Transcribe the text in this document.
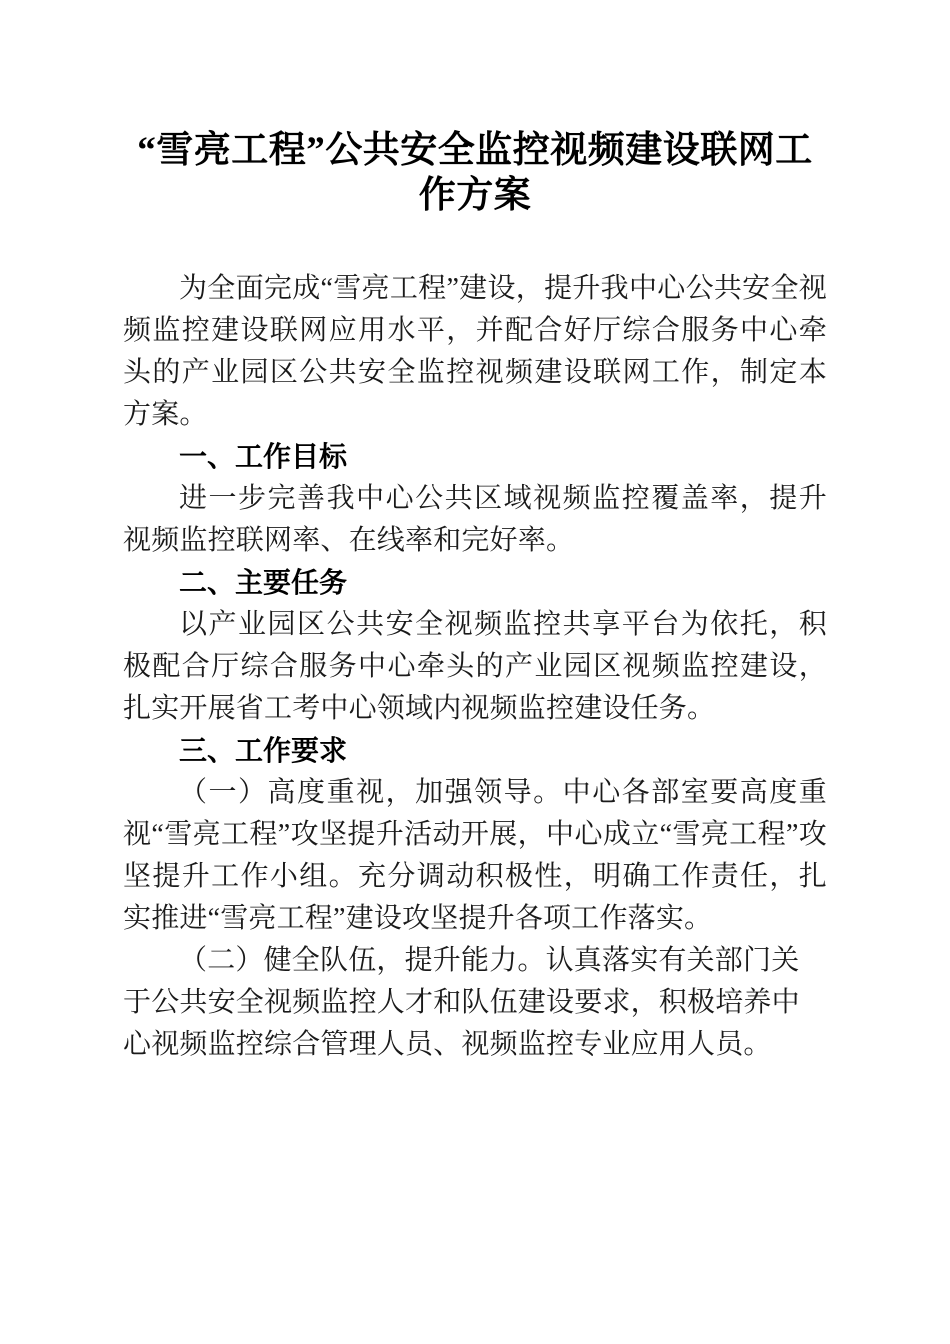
“雪亮工程”公共安全监控视频建设联网工作方案

为全面完成“雪亮工程”建设，提升我中心公共安全视频监控建设联网应用水平，并配合好厅综合服务中心牵头的产业园区公共安全监控视频建设联网工作，制定本方案。

一、工作目标

进一步完善我中心公共区域视频监控覆盖率，提升视频监控联网率、在线率和完好率。

二、主要任务

以产业园区公共安全视频监控共享平台为依托，积极配合厅综合服务中心牵头的产业园区视频监控建设，扎实开展省工考中心领域内视频监控建设任务。

三、工作要求

（一）高度重视，加强领导。中心各部室要高度重视“雪亮工程”攻坚提升活动开展，中心成立“雪亮工程”攻坚提升工作小组。充分调动积极性，明确工作责任，扎实推进“雪亮工程”建设攻坚提升各项工作落实。

（二）健全队伍，提升能力。认真落实有关部门关于公共安全视频监控人才和队伍建设要求，积极培养中心视频监控综合管理人员、视频监控专业应用人员。
